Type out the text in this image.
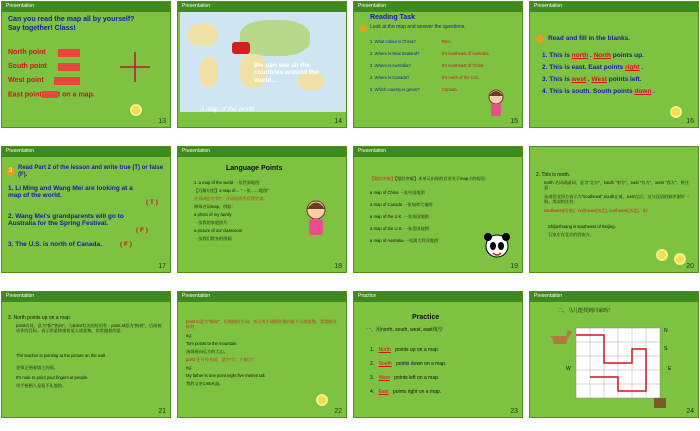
Presentation
Can you read the map all by yourself?
Say together! Class!
North point
South point
West point
East point t on a map.
13
Presentation
We can see all the countries around the world…
A map of the world
14
Presentation
Reading Task
Look at the map and answer the questions.
1. What colour is China?	Red.
2. Where is New Zealand?	It's southeast of Australia.
3. Where is Australia?	It's southeast of China.
4. Where is Canada?	It's north of the U.S..
5. Which country is green?	Canada.
15
Presentation
Read and fill in the blanks.
1. This is north . North points up.
2. This is east. East points right .
3. This is west . West points left.
4. This is south. South points down .
16
Presentation
3 Read Part 2 of the lesson and write true (T) or false (F).
1. Li Ming and Wang Mei are looking at a map of the world.
( T )
2. Wang Mei's grandparents will go to Australia for the Spring Festival.
( F )
3. The U.S. is north of Canada.	( F )
17
Presentation
Language Points
1. a map of the world 一张世界地图
【巧解句型】a map of… "一张……地图"
介词of意为"的"，介词短语作后置定语。
修饰名词map。例如：
a photo of my family
一张我的家庭照片
a picture of our classroom
一张我们教室的图画
18
Presentation
【跟踪突破】【跟踪突破】本单元出现的其余关于map小的短语：
a map of China 一张中国地图
a map of Canada 一张加拿大地图
a map of the U.K. 一张英国地图
a map of the U.S. 一张美国地图
a map of Australia 一张澳大利亚地图
19
2. This is north.
north 名词或副词，意为"北方"，south "南方"，east "东方"，west "西方"。拼注意：
东南西北四方表示为"southeast",south在前，east在后；这与汉语的顺序刚好一致。类似的还有：
southwest(西南)，northeast(东北), northwest(西北)。如：
Shijiazhuang is southwest of Beijing.
石家庄在北京的西南方。
20
Presentation
3. North points up on a map.
point动词，意为"指""指向"。与point有关的短语有：point at意为"指着"，后面接动作的目标。表示用某物指着某人或某物。常常跟着的是：
The teacher is pointing at the picture on the wall.
老师正指着墙上的画。
It's rude to point your fingers at people.
用手指指人是很不礼貌的。
21
Presentation
point to意为"指向"，后面接的方向。表示用手或指针指向某个人或某物，常常跟这样的
eg:
Tom points to the mountain.
汤姆指向远方的大山。
point 还可作名词，意为"点；小数点"。
eg:
My father is one point eight five metres tall.
我的父亲1.85米高。
22
Practice
Practice
一、用north, south, west, east填空
1. North points up on a map.
2. South points down on a map.
3. West points left on a map.
4. East points right on a map.
23
Presentation
二、马儿能找到回家吗？
N
S
W	E
24
